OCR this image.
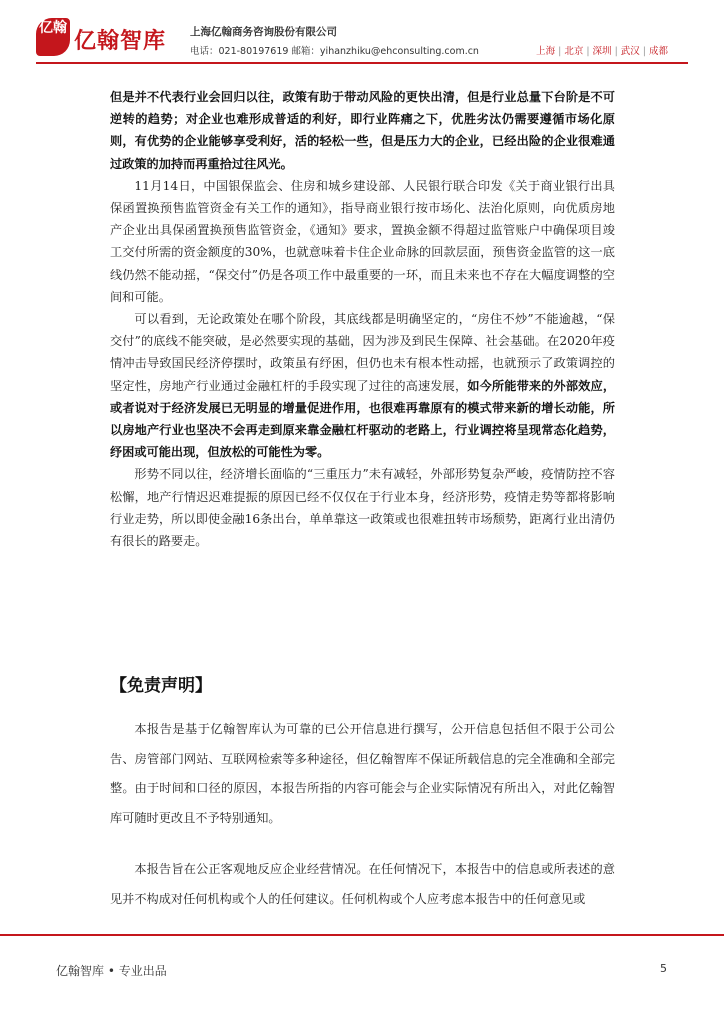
亿翰
亿翰智库 上海亿翰商务咨询股份有限公司
电话：021-80197619 邮箱：yihanzhiku@ehconsulting.com.cn	上海 | 北京 | 深圳 | 武汉 | 成都

但是并不代表行业会回归以往，政策有助于带动风险的更快出清，但是行业总量下台阶是不可逆转的趋势；对企业也难形成普适的利好，即行业阵痛之下，优胜劣汰仍需要遵循市场化原则，有优势的企业能够享受利好，活的轻松一些，但是压力大的企业，已经出险的企业很难通过政策的加持而再重拾过往风光。

11月14日，中国银保监会、住房和城乡建设部、人民银行联合印发《关于商业银行出具保函置换预售监管资金有关工作的通知》，指导商业银行按市场化、法治化原则，向优质房地产企业出具保函置换预售监管资金，《通知》要求，置换金额不得超过监管账户中确保项目竣工交付所需的资金额度的30%，也就意味着卡住企业命脉的回款层面，预售资金监管的这一底线仍然不能动摇，“保交付”仍是各项工作中最重要的一环，而且未来也不存在大幅度调整的空间和可能。

可以看到，无论政策处在哪个阶段，其底线都是明确坚定的，“房住不炒”不能逾越，“保交付”的底线不能突破，是必然要实现的基础，因为涉及到民生保障、社会基础。在2020年疫情冲击导致国民经济停摆时，政策虽有纾困，但仍也未有根本性动摇，也就预示了政策调控的坚定性，房地产行业通过金融杠杆的手段实现了过往的高速发展，如今所能带来的外部效应，或者说对于经济发展已无明显的增量促进作用，也很难再靠原有的模式带来新的增长动能，所以房地产行业也坚决不会再走到原来靠金融杠杆驱动的老路上，行业调控将呈现常态化趋势，纾困或可能出现，但放松的可能性为零。

形势不同以往，经济增长面临的“三重压力”未有减轻，外部形势复杂严峻，疫情防控不容松懈，地产行情迟迟难提振的原因已经不仅仅在于行业本身，经济形势，疫情走势等都将影响行业走势，所以即使金融16条出台，单单靠这一政策或也很难扭转市场颓势，距离行业出清仍有很长的路要走。

【免责声明】

本报告是基于亿翰智库认为可靠的已公开信息进行撰写，公开信息包括但不限于公司公告、房管部门网站、互联网检索等多种途径，但亿翰智库不保证所载信息的完全准确和全部完整。由于时间和口径的原因，本报告所指的内容可能会与企业实际情况有所出入，对此亿翰智库可随时更改且不予特别通知。

本报告旨在公正客观地反应企业经营情况。在任何情况下，本报告中的信息或所表述的意见并不构成对任何机构或个人的任何建议。任何机构或个人应考虑本报告中的任何意见或

亿翰智库 • 专业出品	5
